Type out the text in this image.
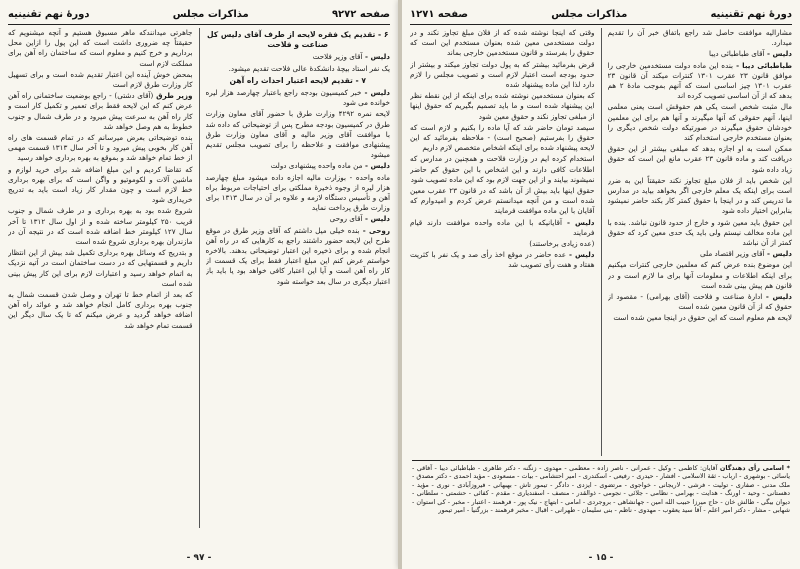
صفحه ۹۲۷۲
مذاکرات مجلس
دورهٔ نهم تقنینیه
۶ - تقدیم یک فقره لایحه از طرف آقای دلیس کل صناعت و فلاحت

دلیس - آقای وزیر فلاحت

یک نفر استاد بیچهٔ دانشکدهٔ عالی فلاحت تقدیم میشود.

۷ - تقدیم لایحه اعتبار احداث راه آهن

دلیس - خبر کمیسیون بودجه راجع باعتبار چهارصد هزار لیره خوانده می شود

لایحه نمره ۴۲۹۲ وزارت طرق با حضور آقای معاون وزارت طرق در کمیسیون بودجه مطرح پس از توضیحاتی که داده شد با موافقت آقای وزیر مالیه و آقای معاون وزارت طرق پیشنهادی موافقت و علاحظه را برای تصویب مجلس تقدیم میشود

دلیس - من ماده واحده پیشنهادی دولت

ماده واحده - بوزارت مالیه اجازه داده میشود مبلغ چهارصد هزار لیره از وجوه ذخیرهٔ مملکتی برای احتیاجات مربوط براه آهن و تأسیس دستگاه لازمه و علاوه بر آن در سال ۱۳۱۳ برای وزارت طرق پرداخت نماید

دلیس - آقای روحی

روحی - بنده خیلی میل داشتم که آقای وزیر طرق در موقع طرح این لایحه حضور داشتند راجع به کارهایی که در راه آهن انجام شده و برای ذخیره این اعتبار توضیحاتی بدهند. بالاخره خواستم عرض کنم این مبلغ اعتبار فقط برای یک قسمت از کار راه آهن است و آیا این اعتبار کافی خواهد بود یا باید باز اعتبار دیگری در سال بعد خواسته شود

جاهرتی میدانندکه ماهر مسبوق هستیم و آنچه میشنویم که حقیقتاً چه ضروری داشت است که این پول را ازاین محل برداریم و خرج کنیم و معلوم است که ساختمان راه آهن برای مملکت لازم است

بمحض خوش آینده این اعتبار تقدیم شده است و برای تسهیل کار وزارت طرق لازم است

وزیر طرق (آقای دشتی) - راجع بوضعیت ساختمانی راه آهن عرض کنم که این لایحه فقط برای تعمیر و تکمیل کار است و کار راه آهن به سرعت پیش میرود و در طرف شمال و جنوب خطوط به هم وصل خواهد شد

بنده توضیحاتی بعرض میرسانم که در تمام قسمت های راه آهن کار بخوبی پیش میرود و تا آخر سال ۱۳۱۳ قسمت مهمی از خط تمام خواهد شد و بموقع به بهره برداری خواهد رسید

که تقاضا کردیم و این مبلغ اضافه شد برای خرید لوازم و ماشین آلات و لکوموتیو و واگن است که برای بهره برداری خط لازم است و چون مقدار کار زیاد است باید به تدریج خریداری شود

شروع شده بود به بهره برداری و در طرف شمال و جنوب قریب ۲۵۰ کیلومتر ساخته شده و از اول سال ۱۳۱۲ تا آخر سال ۱۲۷ کیلومتر خط اضافه شده است که در نتیجه آن در مازندران بهره برداری شروع شده است

و بتدریج که وسائل بهره برداری تکمیل شد بیش از این انتظار داریم و قسمتهایی که در دست ساختمان است در آتیه نزدیک به اتمام خواهد رسید و اعتبارات لازم برای این کار پیش بینی شده است

که بعد از اتمام خط تا تهران و وصل شدن قسمت شمال به جنوب بهره برداری کامل انجام خواهد شد و عوائد راه آهن اضافه خواهد گردید و عرض میکنم که تا یک سال دیگر این قسمت تمام خواهد شد

- ۹۷ -
دورهٔ نهم تقنینیه
مذاکرات مجلس
صفحه ۱۲۷۱

مشارالیه موافقت حاصل شد راجع باتفاق خبر آن را تقدیم میدارد.

دلیس - آقای طباطبائی دیبا

طباطبائی دیبا - بنده این ماده دولت مستخدمین خارجی را موافق قانون ۲۳ عقرب ۱۳۰۱ کنترات میکند آن قانون ۲۳ عقرب ۱۳۰۱ چیز اساسی است که آنهم بموجب مادهٔ ۲ هم بدهد که از آن اساسی تصویب کرده اند

مال مثبت شخص است یکی هم حقوقش است یعنی معلمی اینها، آنهم حقوقی که آنها میگیرند و آنها هم برای این معلمین خودشان حقوق میگیرند در صورتیکه دولت شخص دیگری را بعنوان مستخدم خارجی استخدام کند

ممکن است به او اجازه بدهد که مبلغی بیشتر از این حقوق دریافت کند و ماده قانون ۲۳ عقرب مانع این است که حقوق زیاد داده شود

این شخص باید از فلان مبلغ تجاوز نکند حقیقتاً این به ضرر است برای اینکه یک معلم خارجی اگر بخواهد بیاید در مدارس ما تدریس کند و در اینجا با حقوق کمتر کار بکند حاضر نمیشود بنابراین اختیار داده شود

این حقوق باید معین شود و خارج از حدود قانون نباشد. بنده با این ماده مخالف نیستم ولی باید یک حدی معین کرد که حقوق کمتر از آن نباشد

دلیس - آقای وزیر اقتصاد ملی

این موضوع بنده عرض کنم که معلمین خارجی کنترات میکنیم برای اینکه اطلاعات و معلومات آنها برای ما لازم است و در قانون هم پیش بینی شده است

دلیس - ادارهٔ صناعت و فلاحت (آقای بهرامی) - مقصود از حقوق که از آن قانون معین شده است

لایحه هم معلوم است که این حقوق در اینجا معین شده است

وقتی که اینجا نوشته شده که از فلان مبلغ تجاوز نکند و در دولت مستخدمی معین شده بعنوان مستخدم این است که حقوق را بفرستد و قانون مستخدمین خارجی بماند

قرض بفرمائید بیشتر که به پول دولت تجاوز میکند و بیشتر از حدود بودجه است اعتبار لازم است و تصویب مجلس را لازم دارد لذا این ماده پیشنهاد شده

که بعنوان مستخدمین نوشته شده برای اینکه از این نقطه نظر این پیشنهاد شده است و ما باید تصمیم بگیریم که حقوق اینها از مبلغی تجاوز نکند و حقوق معین شود

سیصد تومان حاضر شد که آیا ماده را بکنیم و لازم است که حقوق را بفرستیم (صحیح است) - ملاحظه بفرمائید که این لایحه پیشنهاد شده برای اینکه اشخاص متخصص لازم داریم

استخدام کرده ایم در وزارت فلاحت و همچنین در مدارس که اطلاعات کافی دارند و این اشخاص با این حقوق کم حاضر نمیشوند بیایند و از این جهت لازم بود که این ماده تصویب شود

حقوق اینها باید بیش از آن باشد که در قانون ۲۳ عقرب معین شده است و من آنچه میدانستم عرض کردم و امیدوارم که آقایان با این ماده موافقت فرمایند

دلیس - آقایانیکه با این ماده واحده موافقت دارند قیام فرمایند

(عده زیادی برخاستند)

دلیس - عده حاضر در موقع اخذ رأی صد و یک نفر با کثریت هفتاد و هفت رأی تصویب شد

* اسامی رأی دهندگان آقایان: کاظمی - وکیل - عمرانی - ناصر زاده - معظمی - مهدوی - زنگنه - دکتر طاهری - طباطبائی دیبا - آفاقی - یاسائی - بوشهری - ارباب - ثقة الاسلامی - افشار - حیدری - رفیعی - اسکندری - امیر احتشامی - بیات - مسعودی - مؤید احمدی - دکتر مصدق - ملک مدنی - صفاری - تولیت - فرشی - لاریجانی - خواجوی - مرتضوی - ایزدی - دادگر - تیمور تاش - بهبهانی - فیروزآبادی - نوری - مؤید - دهستانی - وحید - اورنگ - هدایت - بهرامی - نظامی - جلائی - نجومی - ذوالقدر - منصف - اسفندیاری - مقدم - کفائی - حشمتی - سلطانی - دیوان بیگی - طالش خان - حاج میرزا حبیب الله امین - جهانشاهی - بروجردی - امامی - ابتهاج - نیک پور - فرهمند - اعتبار - مخبر - کی استوان - شهابی - مشار - دکتر امیر اعلم - آقا سید یعقوب - مهدوی - ناظم - بنی سلیمان - طهرانی - اقبال - مخبر فرهمند - بزرگنیا - امیر تیمور
- ۱۵ -
